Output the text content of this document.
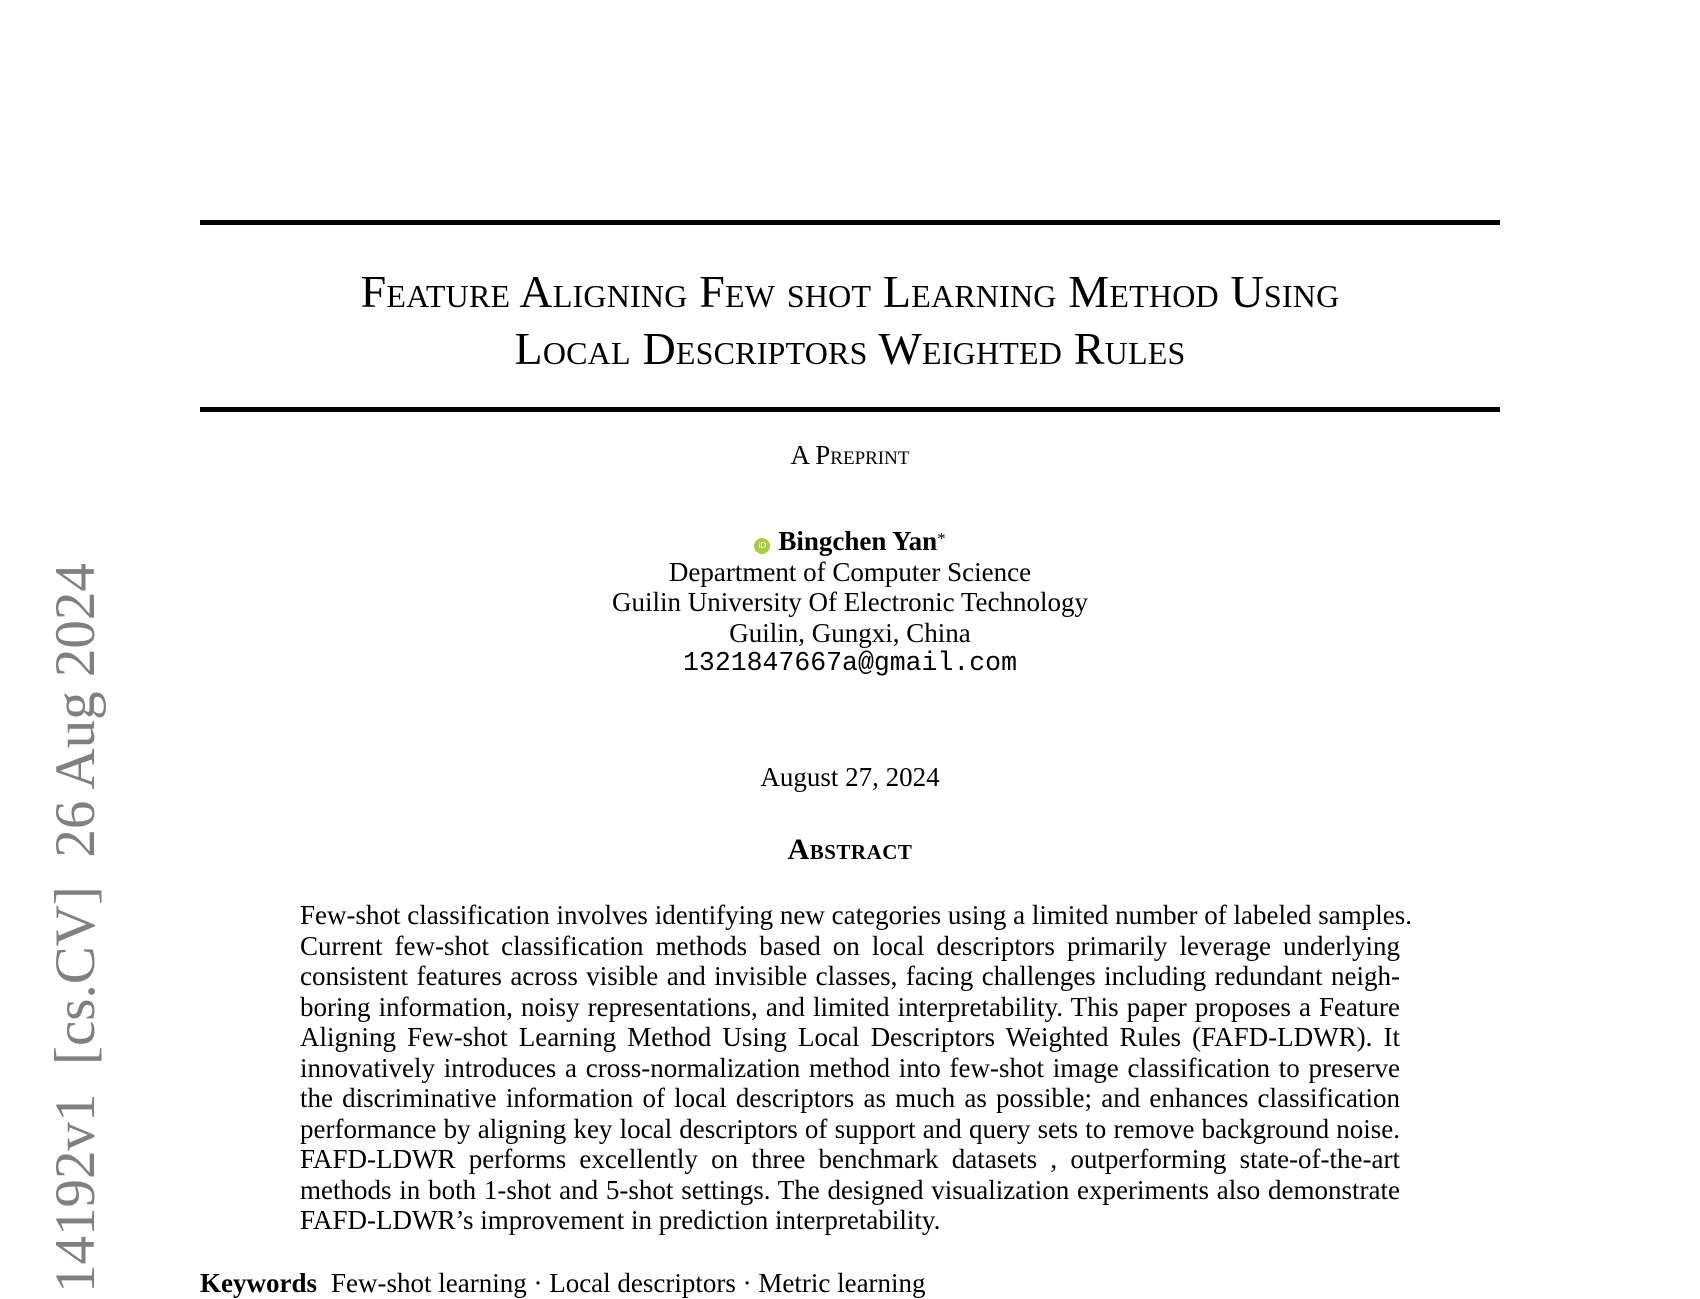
Feature Aligning Few shot Learning Method Using
Local Descriptors Weighted Rules
A Preprint
iD Bingchen Yan*
Department of Computer Science
Guilin University Of Electronic Technology
Guilin, Gungxi, China
1321847667a@gmail.com
August 27, 2024
Abstract
Few-shot classification involves identifying new categories using a limited number of labeled samples.
Current few-shot classification methods based on local descriptors primarily leverage underlying
consistent features across visible and invisible classes, facing challenges including redundant neigh-
boring information, noisy representations, and limited interpretability. This paper proposes a Feature
Aligning Few-shot Learning Method Using Local Descriptors Weighted Rules (FAFD-LDWR). It
innovatively introduces a cross-normalization method into few-shot image classification to preserve
the discriminative information of local descriptors as much as possible; and enhances classification
performance by aligning key local descriptors of support and query sets to remove background noise.
FAFD-LDWR performs excellently on three benchmark datasets , outperforming state-of-the-art
methods in both 1-shot and 5-shot settings. The designed visualization experiments also demonstrate
FAFD-LDWR’s improvement in prediction interpretability.
Keywords Few-shot learning · Local descriptors · Metric learning
14192v1  [cs.CV]  26 Aug 2024
